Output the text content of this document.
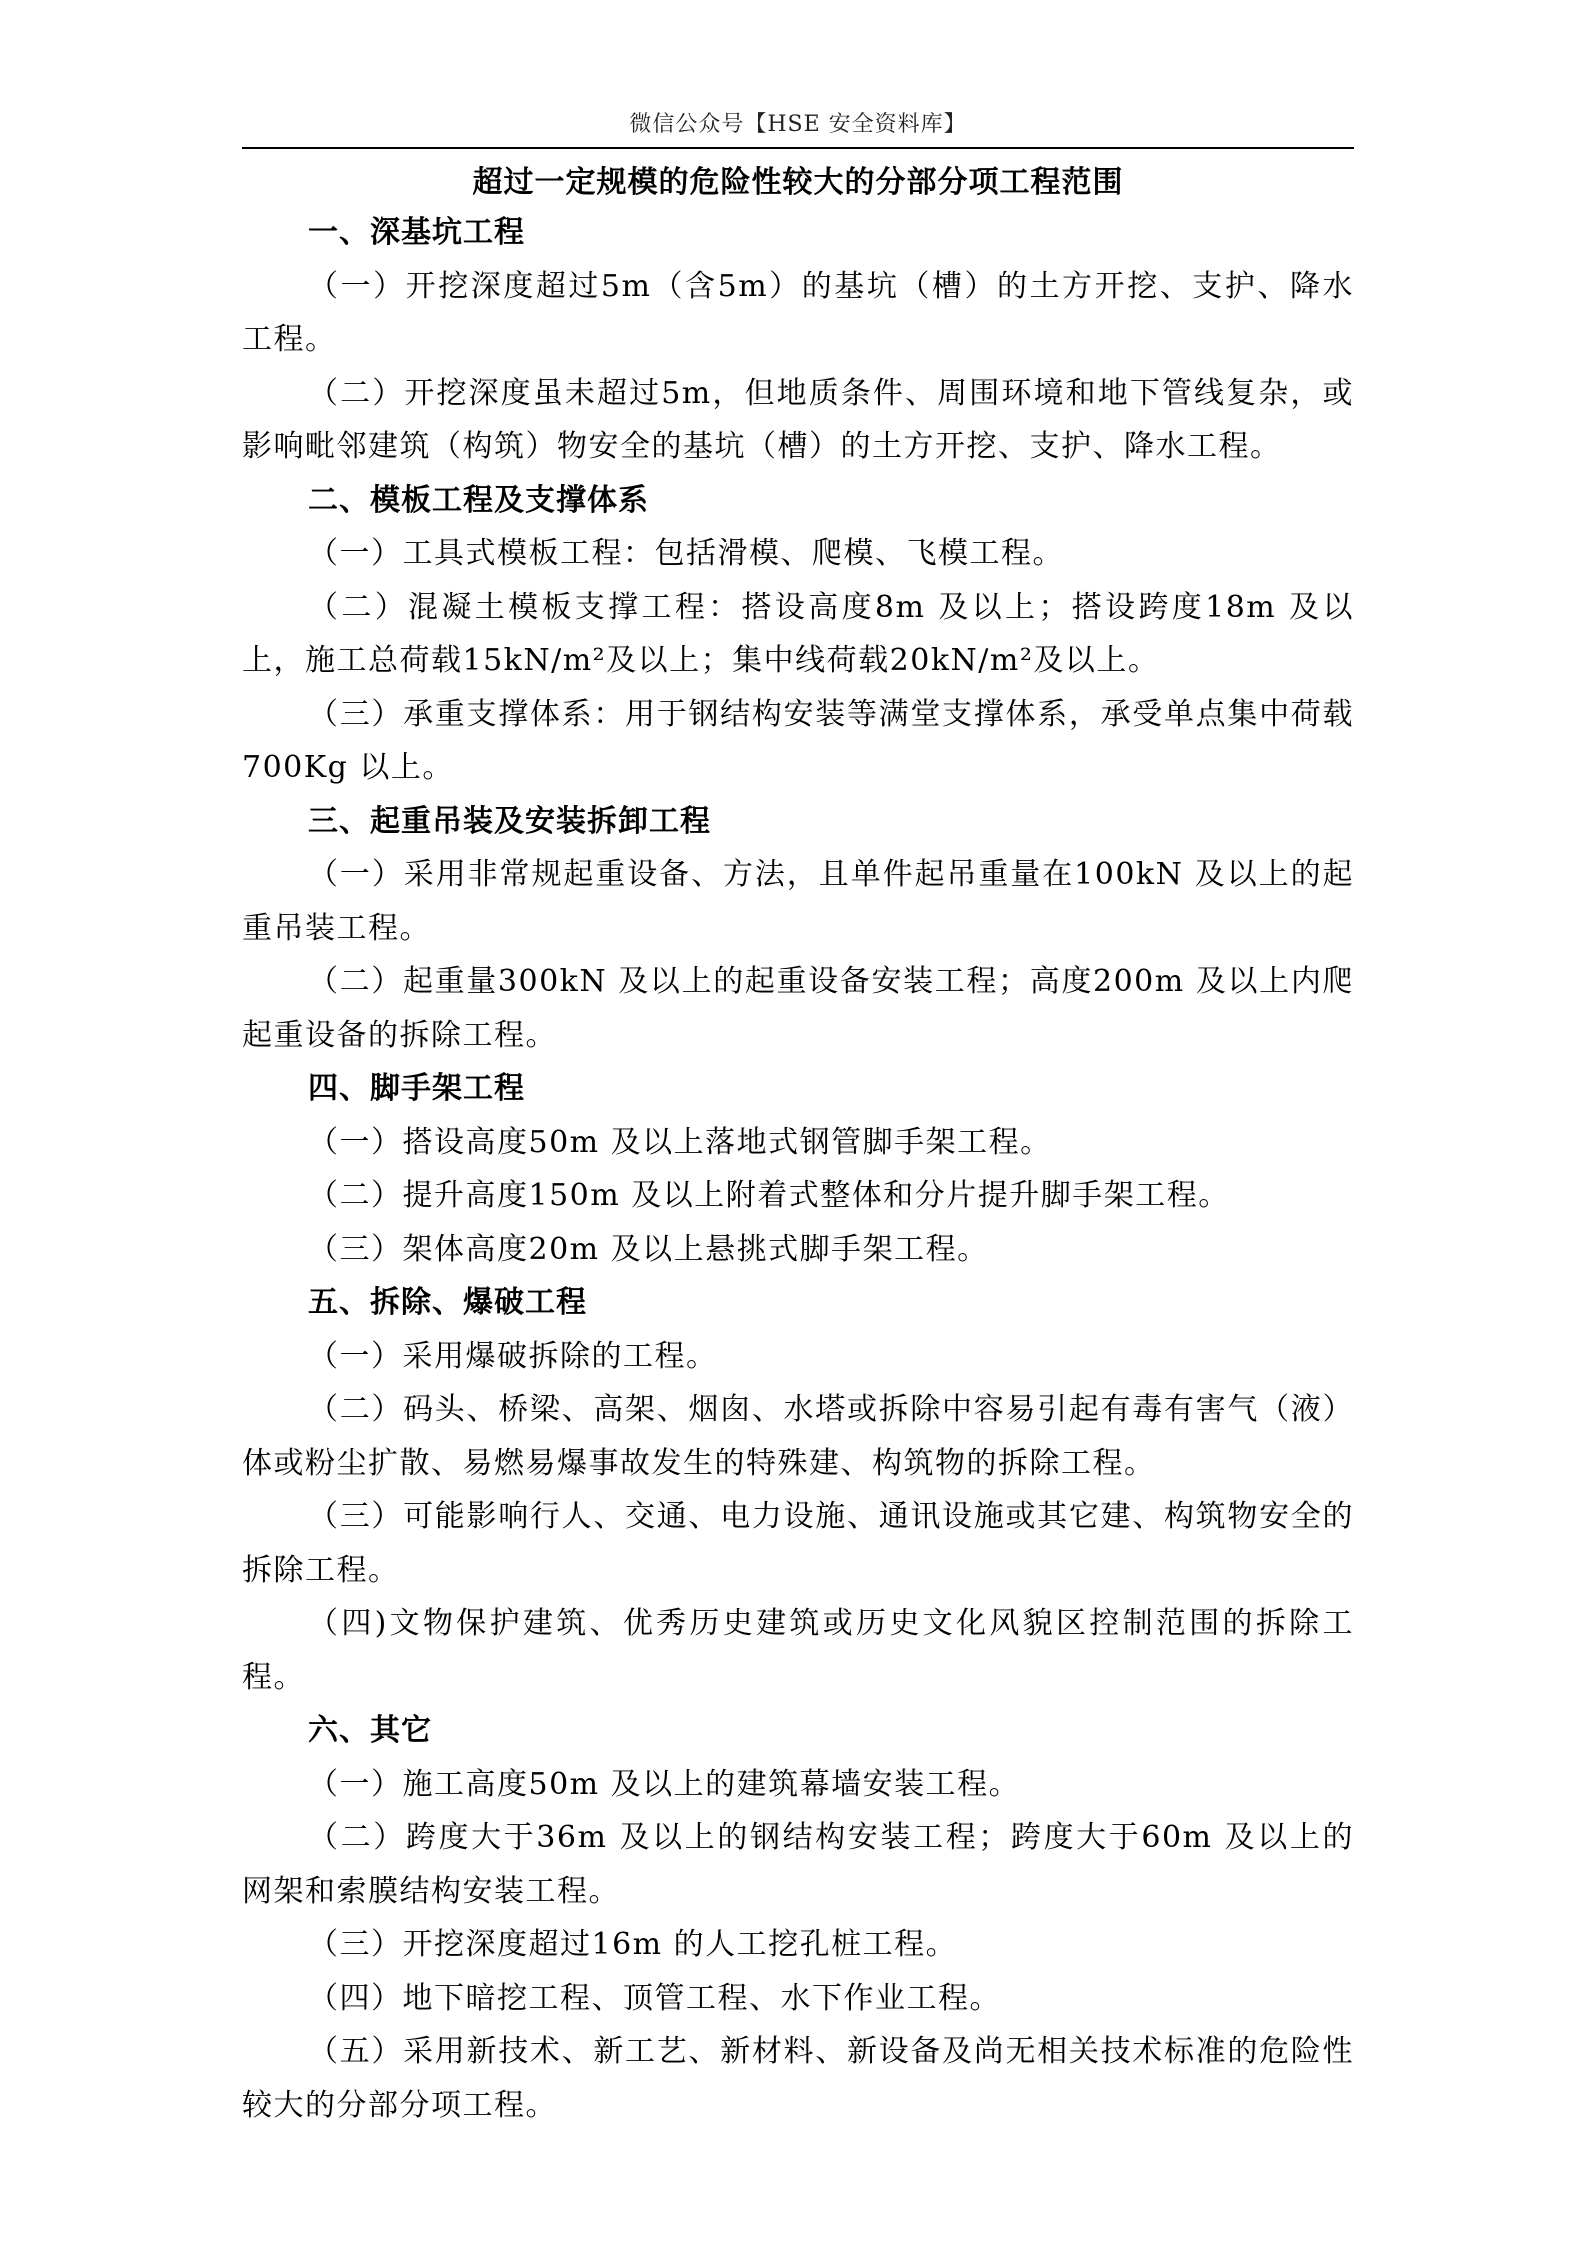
微信公众号【HSE 安全资料库】
超过一定规模的危险性较大的分部分项工程范围

一、深基坑工程

（一）开挖深度超过5m（含5m）的基坑（槽）的土方开挖、支护、降水工程。

（二）开挖深度虽未超过5m，但地质条件、周围环境和地下管线复杂，或影响毗邻建筑（构筑）物安全的基坑（槽）的土方开挖、支护、降水工程。

二、模板工程及支撑体系

（一）工具式模板工程：包括滑模、爬模、飞模工程。

（二）混凝土模板支撑工程：搭设高度8m 及以上；搭设跨度18m 及以上，施工总荷载15kN/m²及以上；集中线荷载20kN/m²及以上。

（三）承重支撑体系：用于钢结构安装等满堂支撑体系，承受单点集中荷载700Kg 以上。

三、起重吊装及安装拆卸工程

（一）采用非常规起重设备、方法，且单件起吊重量在100kN 及以上的起重吊装工程。

（二）起重量300kN 及以上的起重设备安装工程；高度200m 及以上内爬起重设备的拆除工程。

四、脚手架工程

（一）搭设高度50m 及以上落地式钢管脚手架工程。

（二）提升高度150m 及以上附着式整体和分片提升脚手架工程。

（三）架体高度20m 及以上悬挑式脚手架工程。

五、拆除、爆破工程

（一）采用爆破拆除的工程。

（二）码头、桥梁、高架、烟囱、水塔或拆除中容易引起有毒有害气（液）体或粉尘扩散、易燃易爆事故发生的特殊建、构筑物的拆除工程。

（三）可能影响行人、交通、电力设施、通讯设施或其它建、构筑物安全的拆除工程。

（四)文物保护建筑、优秀历史建筑或历史文化风貌区控制范围的拆除工程。

六、其它

（一）施工高度50m 及以上的建筑幕墙安装工程。

（二）跨度大于36m 及以上的钢结构安装工程；跨度大于60m 及以上的网架和索膜结构安装工程。

（三）开挖深度超过16m 的人工挖孔桩工程。

（四）地下暗挖工程、顶管工程、水下作业工程。

（五）采用新技术、新工艺、新材料、新设备及尚无相关技术标准的危险性较大的分部分项工程。
